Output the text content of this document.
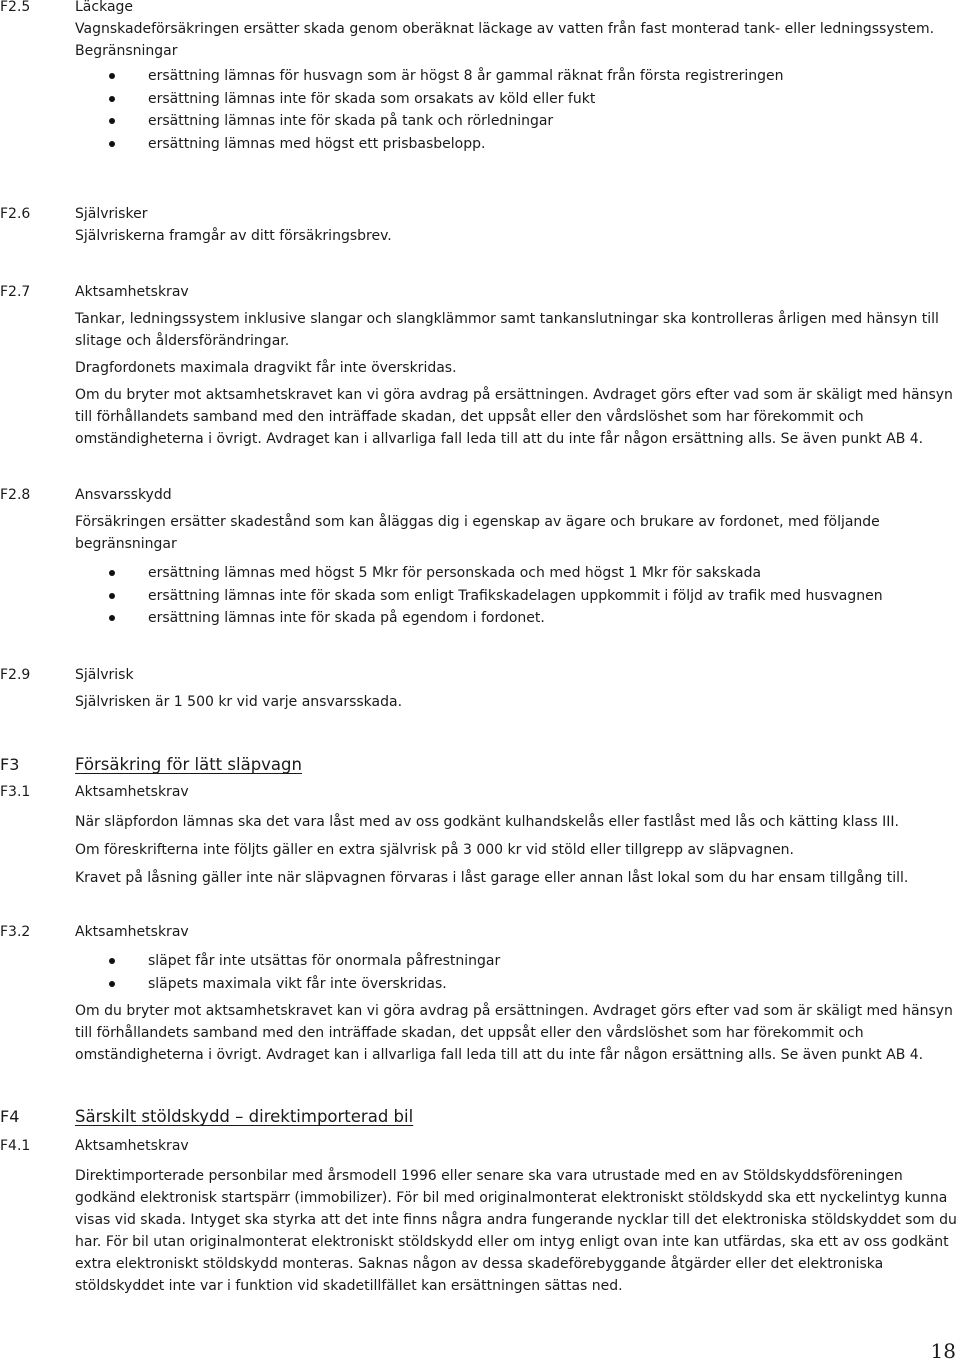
F2.5	Läckage

Vagnskadeförsäkringen ersätter skada genom oberäknat läckage av vatten från fast monterad tank- eller ledningssystem.

Begränsningar

ersättning lämnas för husvagn som är högst 8 år gammal räknat från första registreringen
ersättning lämnas inte för skada som orsakats av köld eller fukt
ersättning lämnas inte för skada på tank och rörledningar
ersättning lämnas med högst ett prisbasbelopp.
F2.6	Självrisker

Självriskerna framgår av ditt försäkringsbrev.

F2.7	Aktsamhetskrav

Tankar, ledningssystem inklusive slangar och slangklämmor samt tankanslutningar ska kontrolleras årligen med hänsyn till slitage och åldersförändringar.

Dragfordonets maximala dragvikt får inte överskridas.

Om du bryter mot aktsamhetskravet kan vi göra avdrag på ersättningen. Avdraget görs efter vad som är skäligt med hänsyn till förhållandets samband med den inträffade skadan, det uppsåt eller den vårdslöshet som har förekommit och omständigheterna i övrigt. Avdraget kan i allvarliga fall leda till att du inte får någon ersättning alls. Se även punkt AB 4.

F2.8	Ansvarsskydd

Försäkringen ersätter skadestånd som kan åläggas dig i egenskap av ägare och brukare av fordonet, med följande begränsningar

ersättning lämnas med högst 5 Mkr för personskada och med högst 1 Mkr för sakskada
ersättning lämnas inte för skada som enligt Trafikskadelagen uppkommit i följd av trafik med husvagnen
ersättning lämnas inte för skada på egendom i fordonet.
F2.9	Självrisk

Självrisken är 1 500 kr vid varje ansvarsskada.

F3	Försäkring för lätt släpvagn

F3.1	Aktsamhetskrav

När släpfordon lämnas ska det vara låst med av oss godkänt kulhandskelås eller fastlåst med lås och kätting klass III.

Om föreskrifterna inte följts gäller en extra självrisk på 3 000 kr vid stöld eller tillgrepp av släpvagnen.

Kravet på låsning gäller inte när släpvagnen förvaras i låst garage eller annan låst lokal som du har ensam tillgång till.

F3.2	Aktsamhetskrav

släpet får inte utsättas för onormala påfrestningar
släpets maximala vikt får inte överskridas.

Om du bryter mot aktsamhetskravet kan vi göra avdrag på ersättningen. Avdraget görs efter vad som är skäligt med hänsyn till förhållandets samband med den inträffade skadan, det uppsåt eller den vårdslöshet som har förekommit och omständigheterna i övrigt. Avdraget kan i allvarliga fall leda till att du inte får någon ersättning alls. Se även punkt AB 4.

F4	Särskilt stöldskydd – direktimporterad bil

F4.1	Aktsamhetskrav

Direktimporterade personbilar med årsmodell 1996 eller senare ska vara utrustade med en av Stöldskyddsföreningen godkänd elektronisk startspärr (immobilizer). För bil med originalmonterat elektroniskt stöldskydd ska ett nyckelintyg kunna visas vid skada. Intyget ska styrka att det inte finns några andra fungerande nycklar till det elektroniska stöldskyddet som du har. För bil utan originalmonterat elektroniskt stöldskydd eller om intyg enligt ovan inte kan utfärdas, ska ett av oss godkänt extra elektroniskt stöldskydd monteras. Saknas någon av dessa skadeförebyggande åtgärder eller det elektroniska stöldskyddet inte var i funktion vid skadetillfället kan ersättningen sättas ned.

18
